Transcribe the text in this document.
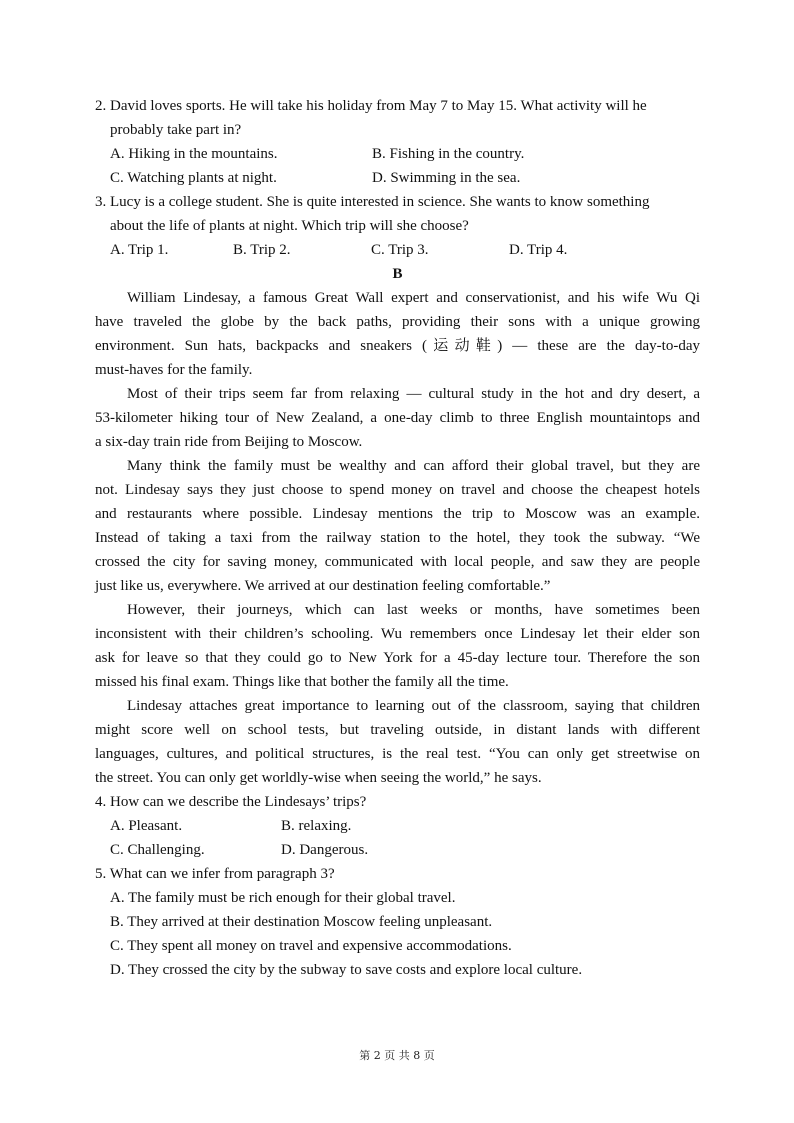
2. David loves sports. He will take his holiday from May 7 to May 15. What activity will he
probably take part in?
A. Hiking in the mountains.	B. Fishing in the country.
C. Watching plants at night.	D. Swimming in the sea.
3. Lucy is a college student. She is quite interested in science. She wants to know something
about the life of plants at night. Which trip will she choose?
A. Trip 1.	B. Trip 2.	C. Trip 3.	D. Trip 4.
B
William Lindesay, a famous Great Wall expert and conservationist, and his wife Wu Qi
have traveled the globe by the back paths, providing their sons with a unique growing
environment. Sun hats, backpacks and sneakers (运动鞋) — these are the day-to-day
must-haves for the family.
Most of their trips seem far from relaxing — cultural study in the hot and dry desert, a
53-kilometer hiking tour of New Zealand, a one-day climb to three English mountaintops and
a six-day train ride from Beijing to Moscow.
Many think the family must be wealthy and can afford their global travel, but they are
not. Lindesay says they just choose to spend money on travel and choose the cheapest hotels
and restaurants where possible. Lindesay mentions the trip to Moscow was an example.
Instead of taking a taxi from the railway station to the hotel, they took the subway. “We
crossed the city for saving money, communicated with local people, and saw they are people
just like us, everywhere. We arrived at our destination feeling comfortable.”
However, their journeys, which can last weeks or months, have sometimes been
inconsistent with their children’s schooling. Wu remembers once Lindesay let their elder son
ask for leave so that they could go to New York for a 45-day lecture tour. Therefore the son
missed his final exam. Things like that bother the family all the time.
Lindesay attaches great importance to learning out of the classroom, saying that children
might score well on school tests, but traveling outside, in distant lands with different
languages, cultures, and political structures, is the real test. “You can only get streetwise on
the street. You can only get worldly-wise when seeing the world,” he says.
4. How can we describe the Lindesays’ trips?
A. Pleasant.	B. relaxing.
C. Challenging.	D. Dangerous.
5. What can we infer from paragraph 3?
A. The family must be rich enough for their global travel.
B. They arrived at their destination Moscow feeling unpleasant.
C. They spent all money on travel and expensive accommodations.
D. They crossed the city by the subway to save costs and explore local culture.
第 2 页 共 8 页
